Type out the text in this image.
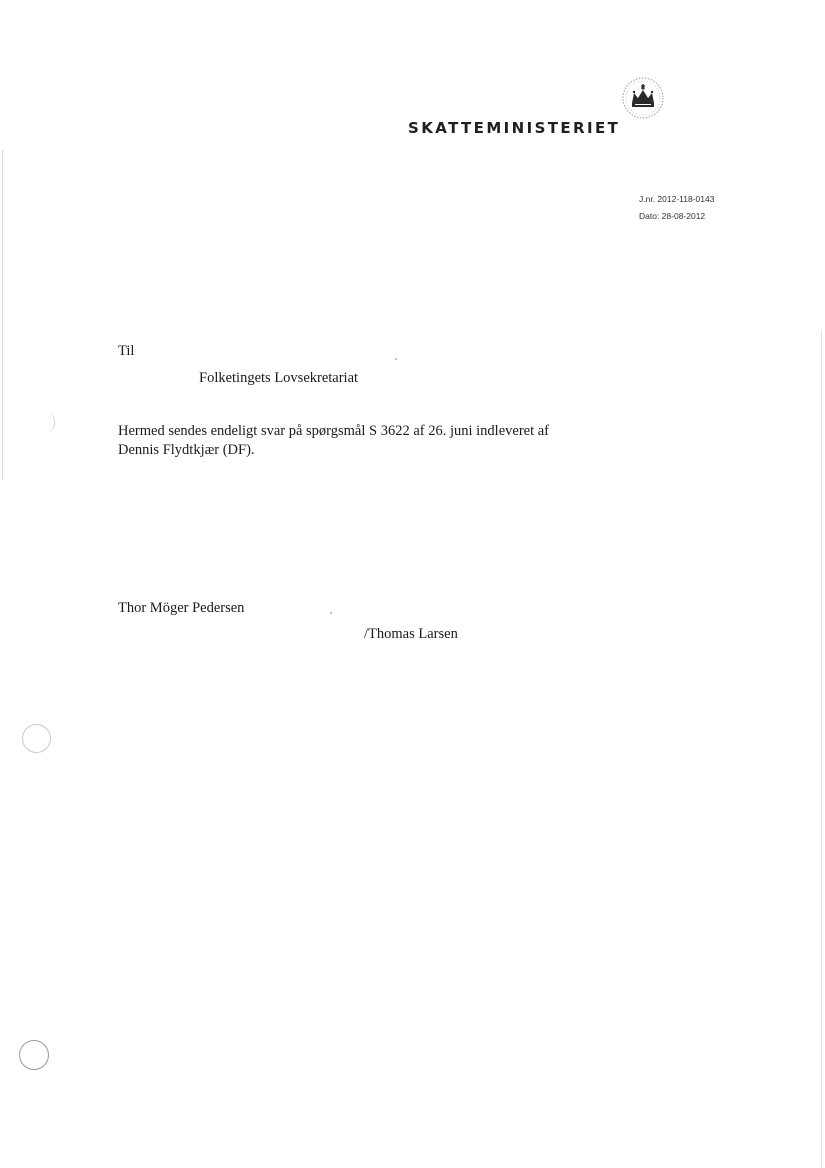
SKATTEMINISTERIET
J.nr. 2012-118-0143
Dato: 28-08-2012
Til
Folketingets Lovsekretariat
Hermed sendes endeligt svar på spørgsmål S 3622 af 26. juni indleveret af
Dennis Flydtkjær (DF).
Thor Möger Pedersen
/Thomas Larsen
